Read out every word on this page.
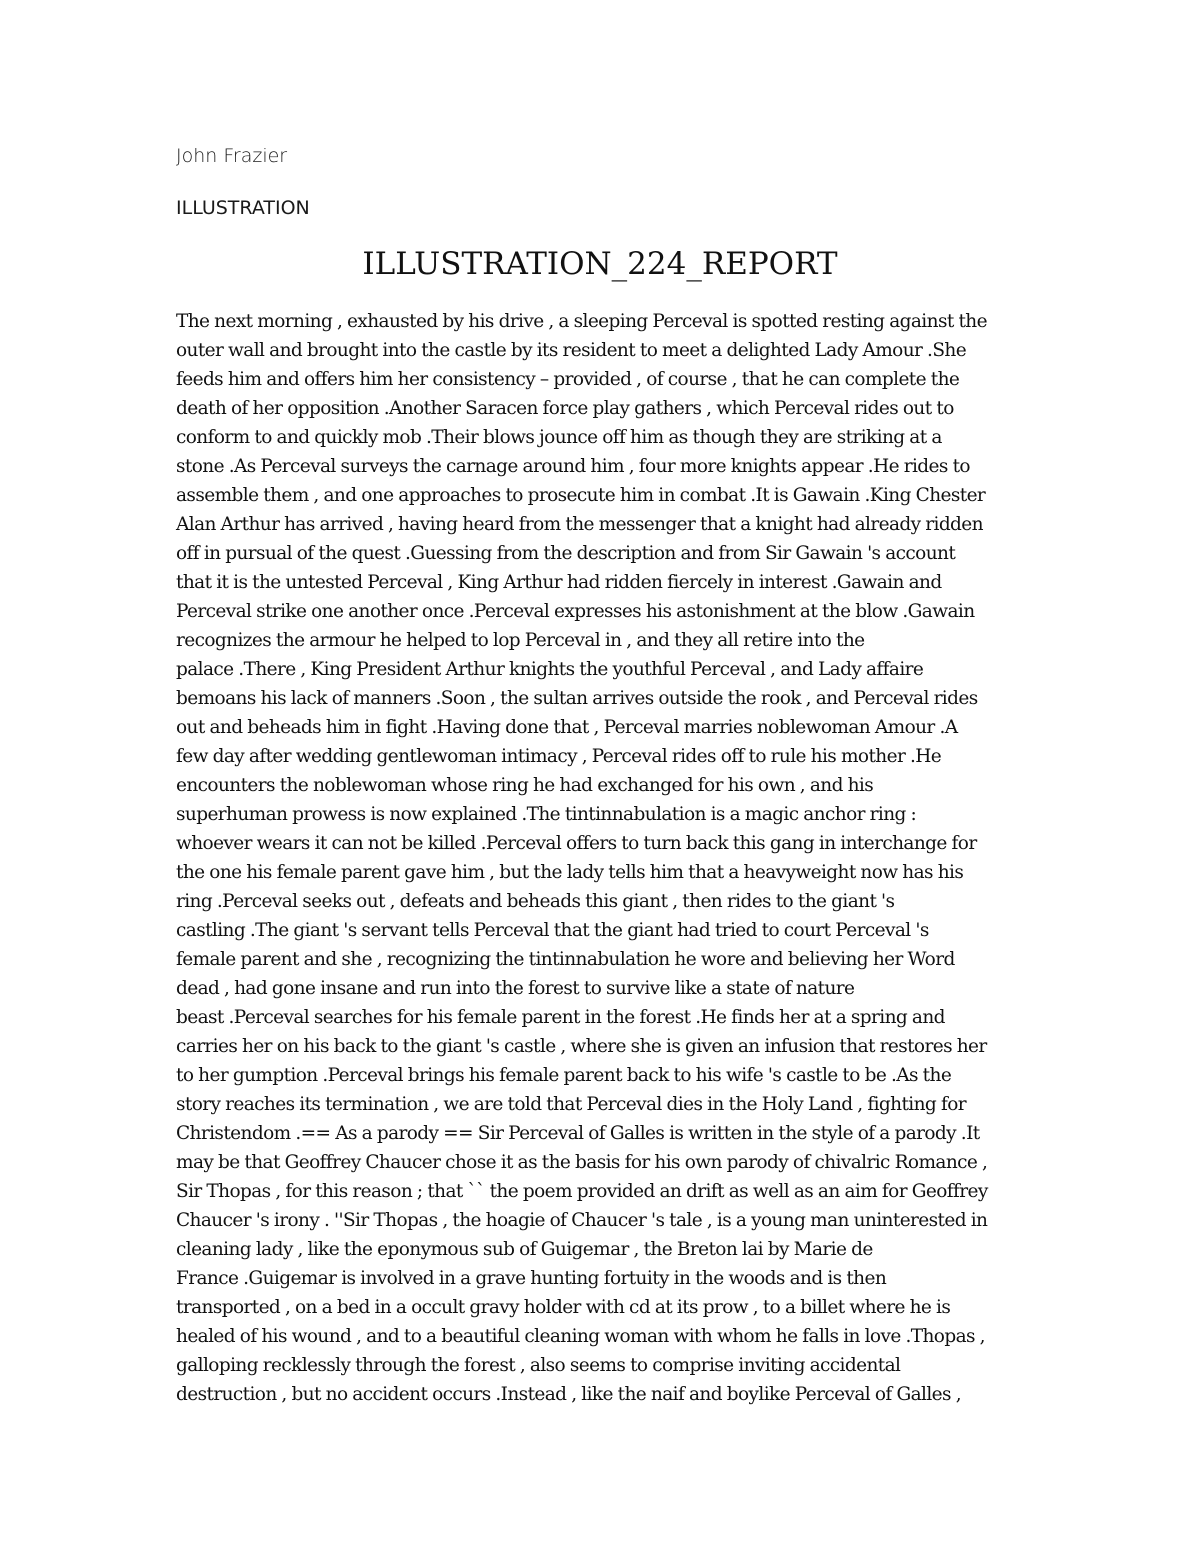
John Frazier
ILLUSTRATION
ILLUSTRATION_224_REPORT
The next morning , exhausted by his drive , a sleeping Perceval is spotted resting against the
outer wall and brought into the castle by its resident to meet a delighted Lady Amour .She
feeds him and offers him her consistency – provided , of course , that he can complete the
death of her opposition .Another Saracen force play gathers , which Perceval rides out to
conform to and quickly mob .Their blows jounce off him as though they are striking at a
stone .As Perceval surveys the carnage around him , four more knights appear .He rides to
assemble them , and one approaches to prosecute him in combat .It is Gawain .King Chester
Alan Arthur has arrived , having heard from the messenger that a knight had already ridden
off in pursual of the quest .Guessing from the description and from Sir Gawain 's account
that it is the untested Perceval , King Arthur had ridden fiercely in interest .Gawain and
Perceval strike one another once .Perceval expresses his astonishment at the blow .Gawain
recognizes the armour he helped to lop Perceval in , and they all retire into the
palace .There , King President Arthur knights the youthful Perceval , and Lady affaire
bemoans his lack of manners .Soon , the sultan arrives outside the rook , and Perceval rides
out and beheads him in fight .Having done that , Perceval marries noblewoman Amour .A
few day after wedding gentlewoman intimacy , Perceval rides off to rule his mother .He
encounters the noblewoman whose ring he had exchanged for his own , and his
superhuman prowess is now explained .The tintinnabulation is a magic anchor ring :
whoever wears it can not be killed .Perceval offers to turn back this gang in interchange for
the one his female parent gave him , but the lady tells him that a heavyweight now has his
ring .Perceval seeks out , defeats and beheads this giant , then rides to the giant 's
castling .The giant 's servant tells Perceval that the giant had tried to court Perceval 's
female parent and she , recognizing the tintinnabulation he wore and believing her Word
dead , had gone insane and run into the forest to survive like a state of nature
beast .Perceval searches for his female parent in the forest .He finds her at a spring and
carries her on his back to the giant 's castle , where she is given an infusion that restores her
to her gumption .Perceval brings his female parent back to his wife 's castle to be .As the
story reaches its termination , we are told that Perceval dies in the Holy Land , fighting for
Christendom .== As a parody == Sir Perceval of Galles is written in the style of a parody .It
may be that Geoffrey Chaucer chose it as the basis for his own parody of chivalric Romance ,
Sir Thopas , for this reason ; that `` the poem provided an drift as well as an aim for Geoffrey
Chaucer 's irony . ''Sir Thopas , the hoagie of Chaucer 's tale , is a young man uninterested in
cleaning lady , like the eponymous sub of Guigemar , the Breton lai by Marie de
France .Guigemar is involved in a grave hunting fortuity in the woods and is then
transported , on a bed in a occult gravy holder with cd at its prow , to a billet where he is
healed of his wound , and to a beautiful cleaning woman with whom he falls in love .Thopas ,
galloping recklessly through the forest , also seems to comprise inviting accidental
destruction , but no accident occurs .Instead , like the naif and boylike Perceval of Galles ,
